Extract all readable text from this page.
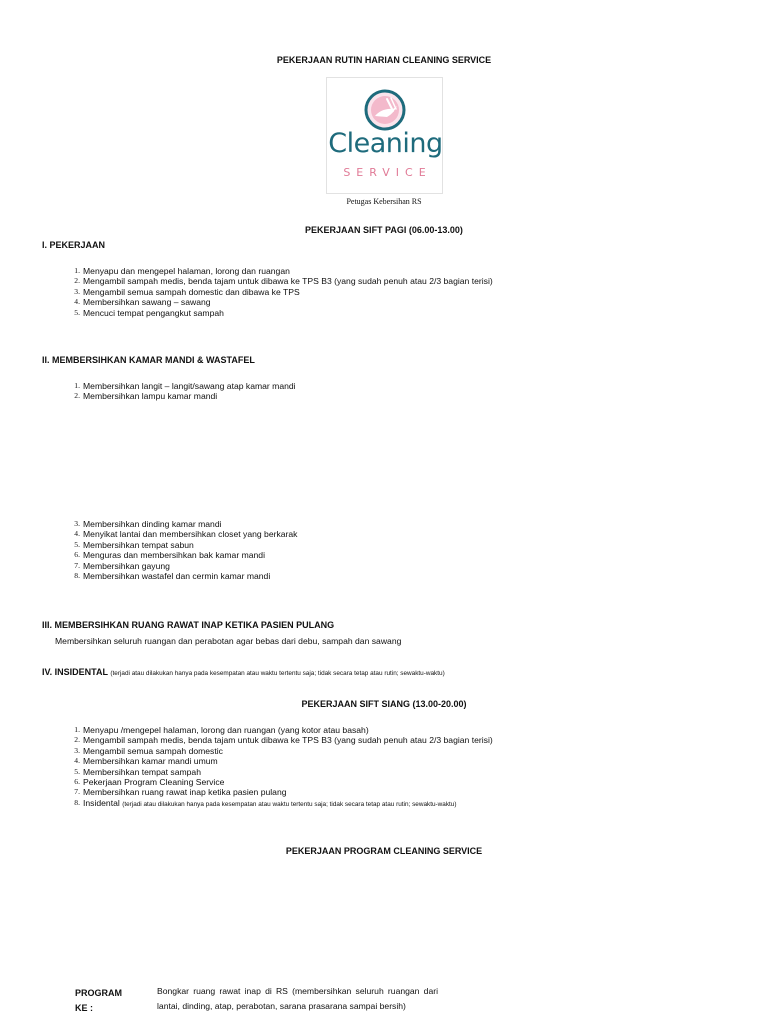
PEKERJAAN RUTIN HARIAN CLEANING SERVICE
Cleaning
SERVICE
Petugas Kebersihan RS
PEKERJAAN SIFT PAGI (06.00-13.00)
I. PEKERJAAN
1. Menyapu dan mengepel halaman, lorong dan ruangan
2. Mengambil sampah medis, benda tajam untuk dibawa ke TPS B3 (yang sudah penuh atau 2/3 bagian terisi)
3. Mengambil semua sampah domestic dan dibawa ke TPS
4. Membersihkan sawang – sawang
5. Mencuci tempat pengangkut sampah
II. MEMBERSIHKAN KAMAR MANDI & WASTAFEL
1. Membersihkan langit – langit/sawang atap kamar mandi
2. Membersihkan lampu kamar mandi
3. Membersihkan dinding kamar mandi
4. Menyikat lantai dan membersihkan closet yang berkarak
5. Membersihkan tempat sabun
6. Menguras dan membersihkan bak kamar mandi
7. Membersihkan gayung
8. Membersihkan wastafel dan cermin kamar mandi
III. MEMBERSIHKAN RUANG RAWAT INAP KETIKA PASIEN PULANG
Membersihkan seluruh ruangan dan perabotan agar bebas dari debu, sampah dan sawang
IV. INSIDENTAL (terjadi atau dilakukan hanya pada kesempatan atau waktu tertentu saja; tidak secara tetap atau rutin; sewaktu-waktu)
PEKERJAAN SIFT SIANG (13.00-20.00)
1. Menyapu /mengepel halaman, lorong dan ruangan (yang kotor atau basah)
2. Mengambil sampah medis, benda tajam untuk dibawa ke TPS B3 (yang sudah penuh atau 2/3 bagian terisi)
3. Mengambil semua sampah domestic
4. Membersihkan kamar mandi umum
5. Membersihkan tempat sampah
6. Pekerjaan Program Cleaning Service
7. Membersihkan ruang rawat inap ketika pasien pulang
8. Insidental (terjadi atau dilakukan hanya pada kesempatan atau waktu tertentu saja; tidak secara tetap atau rutin; sewaktu-waktu)
PEKERJAAN PROGRAM CLEANING SERVICE
PROGRAM
KE :
Bongkar ruang rawat inap di RS (membersihkan seluruh ruangan dari lantai, dinding, atap, perabotan, sarana prasarana sampai bersih)
